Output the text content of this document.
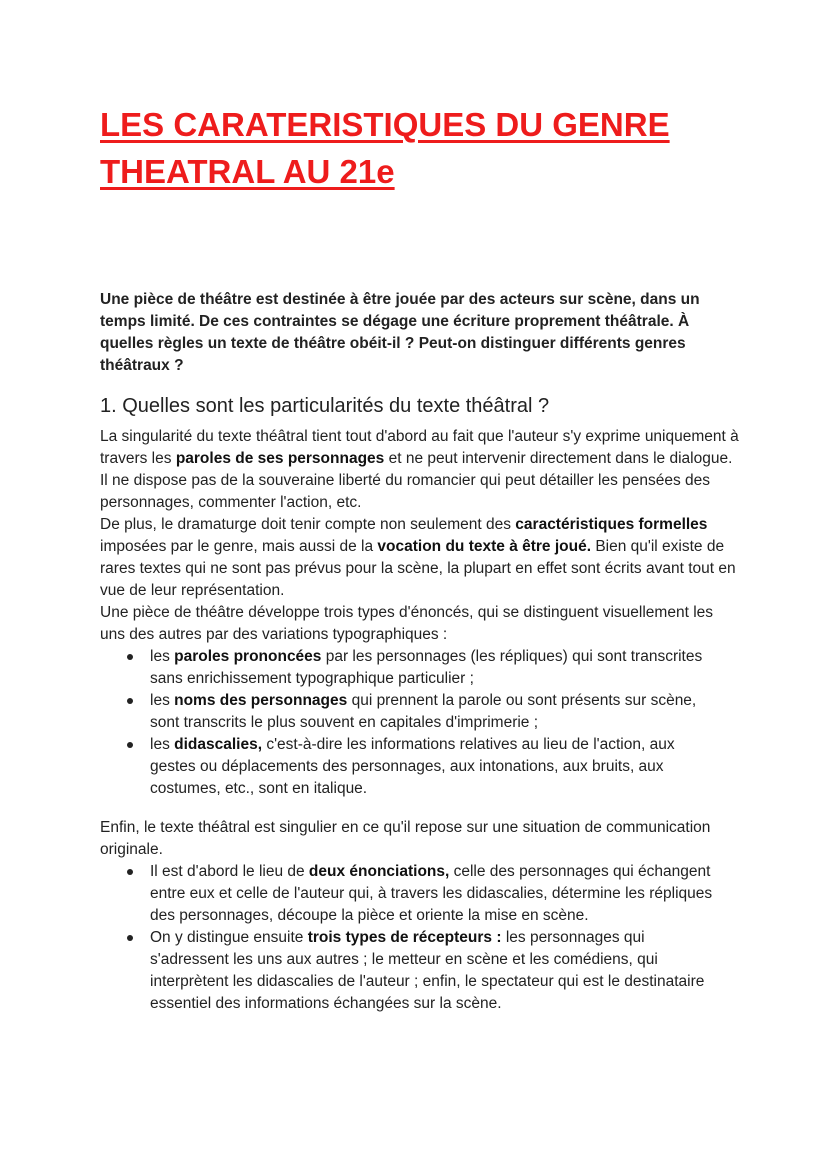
LES CARATERISTIQUES DU GENRE
THEATRAL AU 21e

Une pièce de théâtre est destinée à être jouée par des acteurs sur scène, dans un temps limité. De ces contraintes se dégage une écriture proprement théâtrale. À quelles règles un texte de théâtre obéit-il ? Peut-on distinguer différents genres théâtraux ?

1. Quelles sont les particularités du texte théâtral ?

La singularité du texte théâtral tient tout d'abord au fait que l'auteur s'y exprime uniquement à travers les paroles de ses personnages et ne peut intervenir directement dans le dialogue. Il ne dispose pas de la souveraine liberté du romancier qui peut détailler les pensées des personnages, commenter l'action, etc.

De plus, le dramaturge doit tenir compte non seulement des caractéristiques formelles imposées par le genre, mais aussi de la vocation du texte à être joué. Bien qu'il existe de rares textes qui ne sont pas prévus pour la scène, la plupart en effet sont écrits avant tout en vue de leur représentation.

Une pièce de théâtre développe trois types d'énoncés, qui se distinguent visuellement les uns des autres par des variations typographiques :

les paroles prononcées par les personnages (les répliques) qui sont transcrites sans enrichissement typographique particulier ;
les noms des personnages qui prennent la parole ou sont présents sur scène, sont transcrits le plus souvent en capitales d'imprimerie ;
les didascalies, c'est-à-dire les informations relatives au lieu de l'action, aux gestes ou déplacements des personnages, aux intonations, aux bruits, aux costumes, etc., sont en italique.

Enfin, le texte théâtral est singulier en ce qu'il repose sur une situation de communication originale.

Il est d'abord le lieu de deux énonciations, celle des personnages qui échangent entre eux et celle de l'auteur qui, à travers les didascalies, détermine les répliques des personnages, découpe la pièce et oriente la mise en scène.
On y distingue ensuite trois types de récepteurs : les personnages qui s'adressent les uns aux autres ; le metteur en scène et les comédiens, qui interprètent les didascalies de l'auteur ; enfin, le spectateur qui est le destinataire essentiel des informations échangées sur la scène.
